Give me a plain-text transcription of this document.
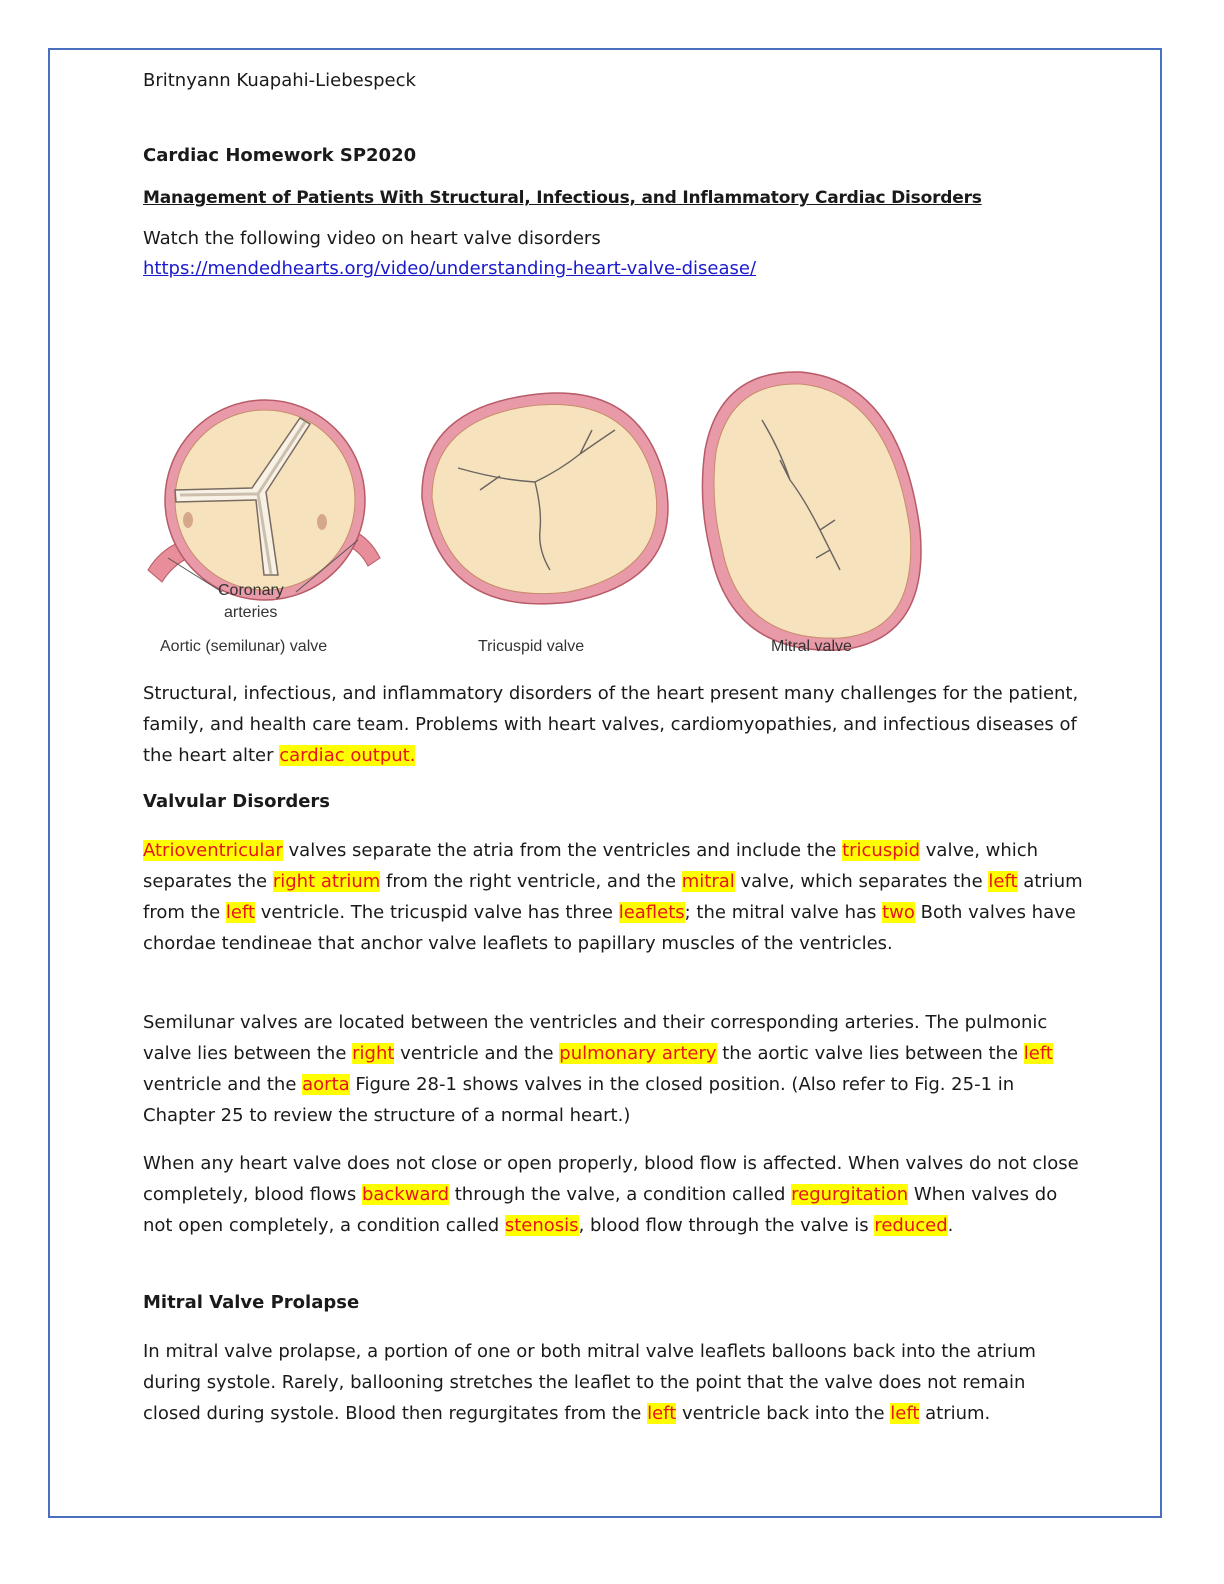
Britnyann Kuapahi-Liebespeck

Cardiac Homework SP2020

Management of Patients With Structural, Infectious, and Inflammatory Cardiac Disorders

Watch the following video on heart valve disorders
https://mendedhearts.org/video/understanding-heart-valve-disease/

Coronary
arteries
Aortic (semilunar) valve	Tricuspid valve	Mitral valve

Structural, infectious, and inflammatory disorders of the heart present many challenges for the patient, family, and health care team. Problems with heart valves, cardiomyopathies, and infectious diseases of the heart alter cardiac output.

Valvular Disorders

Atrioventricular valves separate the atria from the ventricles and include the tricuspid valve, which separates the right atrium from the right ventricle, and the mitral valve, which separates the left atrium from the left ventricle. The tricuspid valve has three leaflets; the mitral valve has two Both valves have chordae tendineae that anchor valve leaflets to papillary muscles of the ventricles.

Semilunar valves are located between the ventricles and their corresponding arteries. The pulmonic valve lies between the right ventricle and the pulmonary artery the aortic valve lies between the left ventricle and the aorta Figure 28-1 shows valves in the closed position. (Also refer to Fig. 25-1 in Chapter 25 to review the structure of a normal heart.)

When any heart valve does not close or open properly, blood flow is affected. When valves do not close completely, blood flows backward through the valve, a condition called regurgitation When valves do not open completely, a condition called stenosis, blood flow through the valve is reduced.

Mitral Valve Prolapse

In mitral valve prolapse, a portion of one or both mitral valve leaflets balloons back into the atrium during systole. Rarely, ballooning stretches the leaflet to the point that the valve does not remain closed during systole. Blood then regurgitates from the left ventricle back into the left atrium.
